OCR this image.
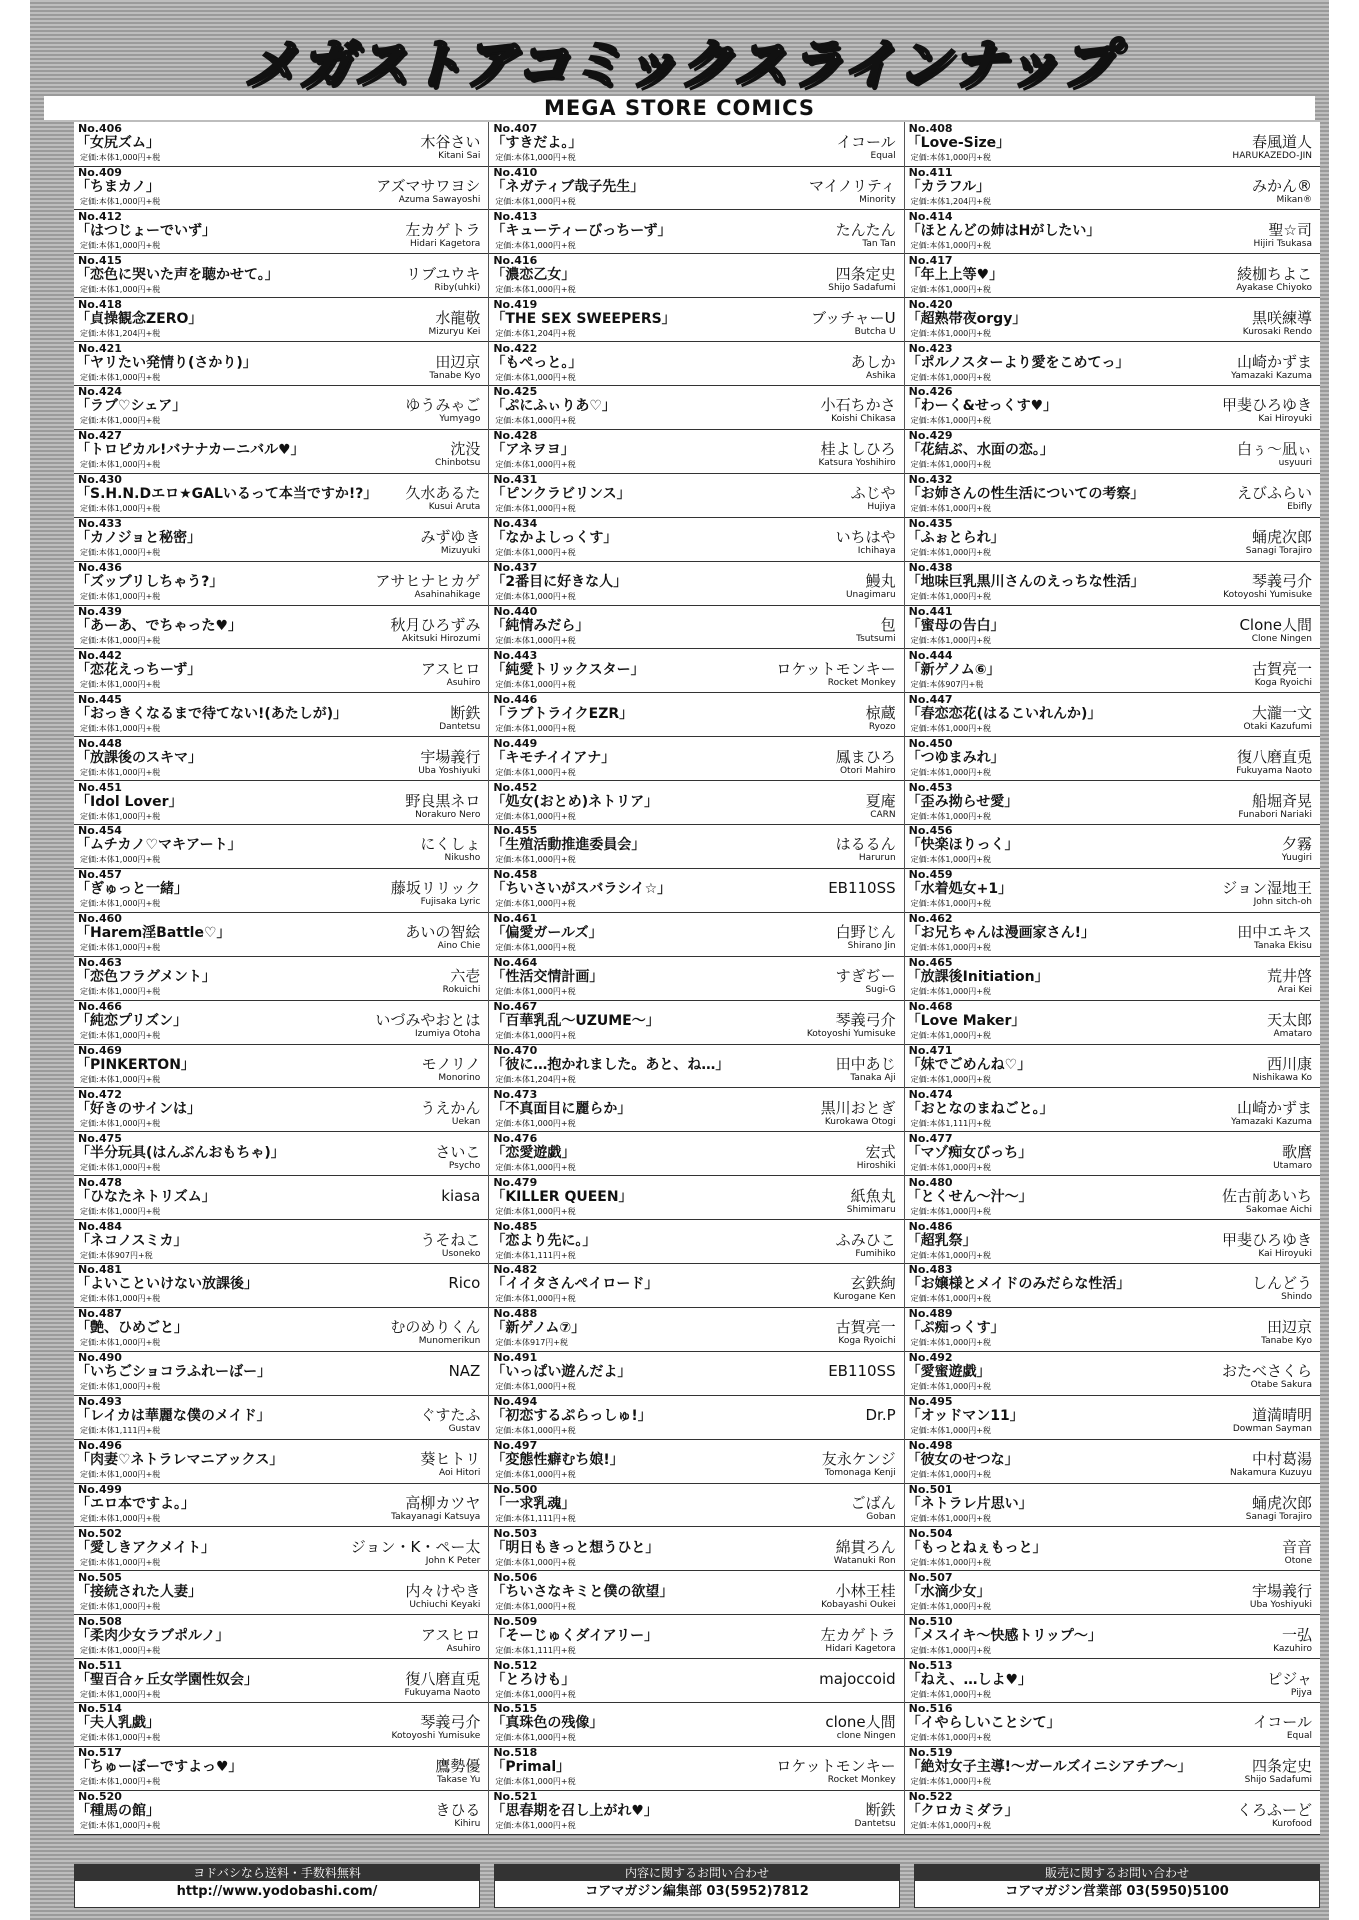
メガストアコミックスラインナップ
MEGA STORE COMICS
No.406
「女尻ズム」
定価:本体1,000円+税
木谷さい
Kitani Sai
No.409
「ちまカノ」
定価:本体1,000円+税
アズマサワヨシ
Azuma Sawayoshi
No.412
「はつじょーでいず」
定価:本体1,000円+税
左カゲトラ
Hidari Kagetora
No.415
「恋色に哭いた声を聴かせて。」
定価:本体1,000円+税
リブユウキ
Riby(uhki)
No.418
「貞操観念ZERO」
定価:本体1,204円+税
水龍敬
Mizuryu Kei
No.421
「ヤリたい発情り(さかり)」
定価:本体1,000円+税
田辺京
Tanabe Kyo
No.424
「ラブ♡シェア」
定価:本体1,000円+税
ゆうみゃご
Yumyago
No.427
「トロピカル!バナナカーニバル♥」
定価:本体1,000円+税
沈没
Chinbotsu
No.430
「S.H.N.Dエロ★GALいるって本当ですか!?」
定価:本体1,000円+税
久水あるた
Kusui Aruta
No.433
「カノジョと秘密」
定価:本体1,000円+税
みずゆき
Mizuyuki
No.436
「ズッブリしちゃう?」
定価:本体1,000円+税
アサヒナヒカゲ
Asahinahikage
No.439
「あーあ、でちゃった♥」
定価:本体1,000円+税
秋月ひろずみ
Akitsuki Hirozumi
No.442
「恋花えっちーず」
定価:本体1,000円+税
アスヒロ
Asuhiro
No.445
「おっきくなるまで待てない!(あたしが)」
定価:本体1,000円+税
断鉄
Dantetsu
No.448
「放課後のスキマ」
定価:本体1,000円+税
宇場義行
Uba Yoshiyuki
No.451
「Idol Lover」
定価:本体1,000円+税
野良黒ネロ
Norakuro Nero
No.454
「ムチカノ♡マキアート」
定価:本体1,000円+税
にくしょ
Nikusho
No.457
「ぎゅっと一緒」
定価:本体1,000円+税
藤坂リリック
Fujisaka Lyric
No.460
「Harem淫Battle♡」
定価:本体1,000円+税
あいの智絵
Aino Chie
No.463
「恋色フラグメント」
定価:本体1,000円+税
六壱
Rokuichi
No.466
「純恋プリズン」
定価:本体1,000円+税
いづみやおとは
Izumiya Otoha
No.469
「PINKERTON」
定価:本体1,000円+税
モノリノ
Monorino
No.472
「好きのサインは」
定価:本体1,000円+税
うえかん
Uekan
No.475
「半分玩具(はんぶんおもちゃ)」
定価:本体1,000円+税
さいこ
Psycho
No.478
「ひなたネトリズム」
定価:本体1,000円+税
kiasa
No.484
「ネコノスミカ」
定価:本体907円+税
うそねこ
Usoneko
No.481
「よいこといけない放課後」
定価:本体1,000円+税
Rico
No.487
「艶、ひめごと」
定価:本体1,000円+税
むのめりくん
Munomerikun
No.490
「いちごショコラふれーばー」
定価:本体1,000円+税
NAZ
No.493
「レイカは華麗な僕のメイド」
定価:本体1,111円+税
ぐすたふ
Gustav
No.496
「肉妻♡ネトラレマニアックス」
定価:本体1,000円+税
葵ヒトリ
Aoi Hitori
No.499
「エロ本ですよ。」
定価:本体1,000円+税
高柳カツヤ
Takayanagi Katsuya
No.502
「愛しきアクメイト」
定価:本体1,000円+税
ジョン・K・ペー太
John K Peter
No.505
「接続された人妻」
定価:本体1,000円+税
内々けやき
Uchiuchi Keyaki
No.508
「柔肉少女ラブポルノ」
定価:本体1,000円+税
アスヒロ
Asuhiro
No.511
「聖百合ヶ丘女学園性奴会」
定価:本体1,000円+税
復八磨直兎
Fukuyama Naoto
No.514
「夫人乳戯」
定価:本体1,000円+税
琴義弓介
Kotoyoshi Yumisuke
No.517
「ちゅーぼーですよっ♥」
定価:本体1,000円+税
鷹勢優
Takase Yu
No.520
「種馬の館」
定価:本体1,000円+税
きひる
Kihiru
No.407
「すきだよ。」
定価:本体1,000円+税
イコール
Equal
No.410
「ネガティブ哉子先生」
定価:本体1,000円+税
マイノリティ
Minority
No.413
「キューティーびっちーず」
定価:本体1,000円+税
たんたん
Tan Tan
No.416
「濃恋乙女」
定価:本体1,000円+税
四条定史
Shijo Sadafumi
No.419
「THE SEX SWEEPERS」
定価:本体1,204円+税
ブッチャーU
Butcha U
No.422
「もぺっと。」
定価:本体1,000円+税
あしか
Ashika
No.425
「ぷにふぃりあ♡」
定価:本体1,000円+税
小石ちかさ
Koishi Chikasa
No.428
「アネヲヨ」
定価:本体1,000円+税
桂よしひろ
Katsura Yoshihiro
No.431
「ピンクラビリンス」
定価:本体1,000円+税
ふじや
Hujiya
No.434
「なかよしっくす」
定価:本体1,000円+税
いちはや
Ichihaya
No.437
「2番目に好きな人」
定価:本体1,000円+税
鰻丸
Unagimaru
No.440
「純情みだら」
定価:本体1,000円+税
包
Tsutsumi
No.443
「純愛トリックスター」
定価:本体1,000円+税
ロケットモンキー
Rocket Monkey
No.446
「ラブトライクEZR」
定価:本体1,000円+税
椋蔵
Ryozo
No.449
「キモチイイアナ」
定価:本体1,000円+税
鳳まひろ
Otori Mahiro
No.452
「処女(おとめ)ネトリア」
定価:本体1,000円+税
夏庵
CARN
No.455
「生殖活動推進委員会」
定価:本体1,000円+税
はるるん
Harurun
No.458
「ちいさいがスバラシイ☆」
定価:本体1,000円+税
EB110SS
No.461
「偏愛ガールズ」
定価:本体1,000円+税
白野じん
Shirano Jin
No.464
「性活交情計画」
定価:本体1,000円+税
すぎぢー
Sugi-G
No.467
「百華乳乱～UZUME～」
定価:本体1,000円+税
琴義弓介
Kotoyoshi Yumisuke
No.470
「彼に…抱かれました。あと、ね…」
定価:本体1,204円+税
田中あじ
Tanaka Aji
No.473
「不真面目に麗らか」
定価:本体1,000円+税
黒川おとぎ
Kurokawa Otogi
No.476
「恋愛遊戯」
定価:本体1,000円+税
宏式
Hiroshiki
No.479
「KILLER QUEEN」
定価:本体1,000円+税
紙魚丸
Shimimaru
No.485
「恋より先に。」
定価:本体1,111円+税
ふみひこ
Fumihiko
No.482
「イイタさんペイロード」
定価:本体1,000円+税
玄鉄絢
Kurogane Ken
No.488
「新ゲノム⑦」
定価:本体917円+税
古賀亮一
Koga Ryoichi
No.491
「いっぱい遊んだよ」
定価:本体1,000円+税
EB110SS
No.494
「初恋するぷらっしゅ!」
定価:本体1,000円+税
Dr.P
No.497
「変態性癖むち娘!」
定価:本体1,000円+税
友永ケンジ
Tomonaga Kenji
No.500
「一求乳魂」
定価:本体1,111円+税
ごばん
Goban
No.503
「明日もきっと想うひと」
定価:本体1,000円+税
綿貫ろん
Watanuki Ron
No.506
「ちいさなキミと僕の欲望」
定価:本体1,000円+税
小林王桂
Kobayashi Oukei
No.509
「そーじゅくダイアリー」
定価:本体1,111円+税
左カゲトラ
Hidari Kagetora
No.512
「とろけも」
定価:本体1,000円+税
majoccoid
No.515
「真珠色の残像」
定価:本体1,000円+税
clone人間
clone Ningen
No.518
「Primal」
定価:本体1,000円+税
ロケットモンキー
Rocket Monkey
No.521
「思春期を召し上がれ♥」
定価:本体1,000円+税
断鉄
Dantetsu
No.408
「Love-Size」
定価:本体1,000円+税
春風道人
HARUKAZEDO-JIN
No.411
「カラフル」
定価:本体1,204円+税
みかん®
Mikan®
No.414
「ほとんどの姉はHがしたい」
定価:本体1,000円+税
聖☆司
Hijiri Tsukasa
No.417
「年上上等♥」
定価:本体1,000円+税
綾枷ちよこ
Ayakase Chiyoko
No.420
「超熟帯夜orgy」
定価:本体1,000円+税
黒咲練導
Kurosaki Rendo
No.423
「ポルノスターより愛をこめてっ」
定価:本体1,000円+税
山崎かずま
Yamazaki Kazuma
No.426
「わーく&せっくす♥」
定価:本体1,000円+税
甲斐ひろゆき
Kai Hiroyuki
No.429
「花結ぶ、水面の恋。」
定価:本体1,000円+税
白ぅ～凪ぃ
usyuuri
No.432
「お姉さんの性生活についての考察」
定価:本体1,000円+税
えびふらい
Ebifly
No.435
「ふぉとられ」
定価:本体1,000円+税
蛹虎次郎
Sanagi Torajiro
No.438
「地味巨乳黒川さんのえっちな性活」
定価:本体1,000円+税
琴義弓介
Kotoyoshi Yumisuke
No.441
「蜜母の告白」
定価:本体1,000円+税
Clone人間
Clone Ningen
No.444
「新ゲノム⑥」
定価:本体907円+税
古賀亮一
Koga Ryoichi
No.447
「春恋恋花(はるこいれんか)」
定価:本体1,000円+税
大瀧一文
Otaki Kazufumi
No.450
「つゆまみれ」
定価:本体1,000円+税
復八磨直兎
Fukuyama Naoto
No.453
「歪み拗らせ愛」
定価:本体1,000円+税
船堀斉晃
Funabori Nariaki
No.456
「快楽ほりっく」
定価:本体1,000円+税
夕霧
Yuugiri
No.459
「水着処女+1」
定価:本体1,000円+税
ジョン湿地王
John sitch-oh
No.462
「お兄ちゃんは漫画家さん!」
定価:本体1,000円+税
田中エキス
Tanaka Ekisu
No.465
「放課後Initiation」
定価:本体1,000円+税
荒井啓
Arai Kei
No.468
「Love Maker」
定価:本体1,000円+税
天太郎
Amataro
No.471
「妹でごめんね♡」
定価:本体1,000円+税
西川康
Nishikawa Ko
No.474
「おとなのまねごと。」
定価:本体1,111円+税
山崎かずま
Yamazaki Kazuma
No.477
「マゾ痴女びっち」
定価:本体1,000円+税
歌麿
Utamaro
No.480
「とくせん～汁～」
定価:本体1,000円+税
佐古前あいち
Sakomae Aichi
No.486
「超乳祭」
定価:本体1,000円+税
甲斐ひろゆき
Kai Hiroyuki
No.483
「お嬢様とメイドのみだらな性活」
定価:本体1,000円+税
しんどう
Shindo
No.489
「ぷ痴っくす」
定価:本体1,000円+税
田辺京
Tanabe Kyo
No.492
「愛蜜遊戯」
定価:本体1,000円+税
おたべさくら
Otabe Sakura
No.495
「オッドマン11」
定価:本体1,000円+税
道満晴明
Dowman Sayman
No.498
「彼女のせつな」
定価:本体1,000円+税
中村葛湯
Nakamura Kuzuyu
No.501
「ネトラレ片思い」
定価:本体1,000円+税
蛹虎次郎
Sanagi Torajiro
No.504
「もっとねぇもっと」
定価:本体1,000円+税
音音
Otone
No.507
「水滴少女」
定価:本体1,000円+税
宇場義行
Uba Yoshiyuki
No.510
「メスイキ～快感トリップ～」
定価:本体1,000円+税
一弘
Kazuhiro
No.513
「ねえ、…しよ♥」
定価:本体1,000円+税
ピジャ
Pijya
No.516
「イやらしいことシて」
定価:本体1,000円+税
イコール
Equal
No.519
「絶対女子主導!～ガールズイニシアチブ～」
定価:本体1,000円+税
四条定史
Shijo Sadafumi
No.522
「クロカミダラ」
定価:本体1,000円+税
くろふーど
Kurofood
ヨドバシなら送料・手数料無料
http://www.yodobashi.com/
内容に関するお問い合わせ
コアマガジン編集部 03(5952)7812
販売に関するお問い合わせ
コアマガジン営業部 03(5950)5100
